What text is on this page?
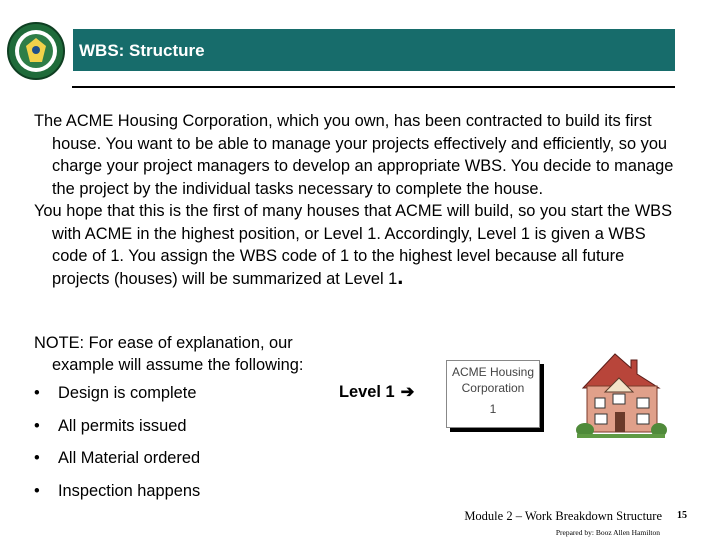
WBS: Structure

The ACME Housing Corporation, which you own, has been contracted to build its first house. You want to be able to manage your projects effectively and efficiently, so you charge your project managers to develop an appropriate WBS. You decide to manage the project by the individual tasks necessary to complete the house.

You hope that this is the first of many houses that ACME will build, so you start the WBS with ACME in the highest position, or Level 1. Accordingly, Level 1 is given a WBS code of 1. You assign the WBS code of 1 to the highest level because all future projects (houses) will be summarized at Level 1.

NOTE: For ease of explanation, our example will assume the following:
•	Design is complete
•	All permits issued
•	All Material ordered
•	Inspection happens
Level 1 ➔
ACME Housing Corporation
1
Module 2 – Work Breakdown Structure
Prepared by: Booz Allen Hamilton
15
